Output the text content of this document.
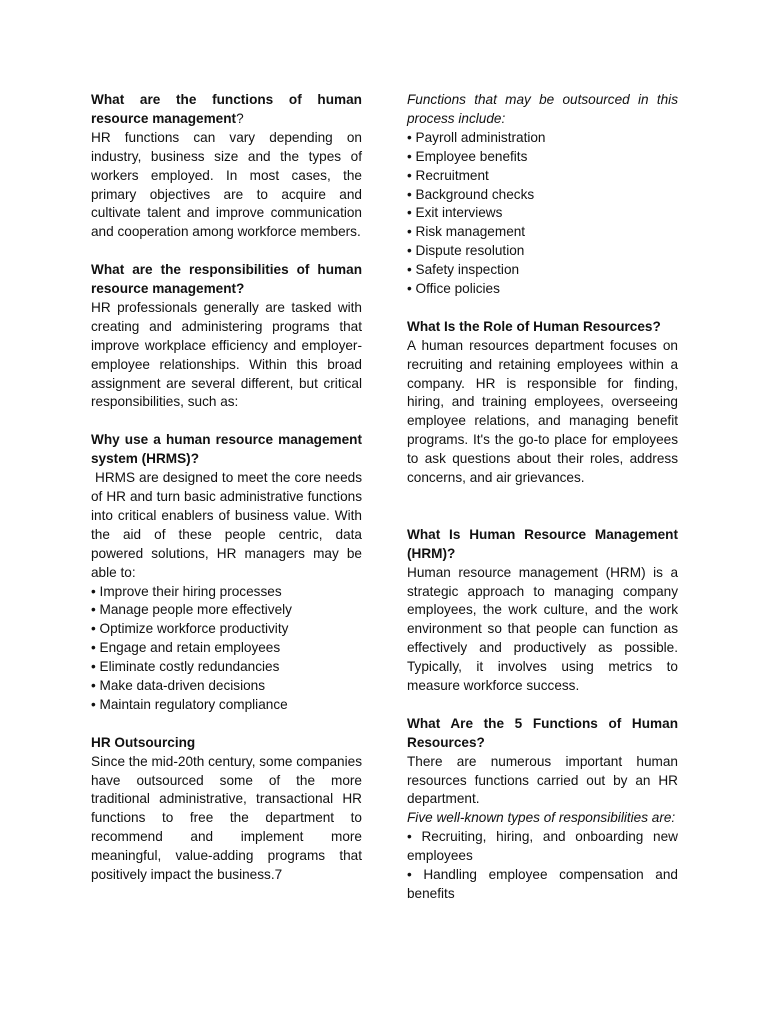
What are the functions of human resource management?

HR functions can vary depending on industry, business size and the types of workers employed. In most cases, the primary objectives are to acquire and cultivate talent and improve communication and cooperation among workforce members.

What are the responsibilities of human resource management?

HR professionals generally are tasked with creating and administering programs that improve workplace efficiency and employer-employee relationships. Within this broad assignment are several different, but critical responsibilities, such as:

Why use a human resource management system (HRMS)?

HRMS are designed to meet the core needs of HR and turn basic administrative functions into critical enablers of business value. With the aid of these people centric, data powered solutions, HR managers may be able to:

• Improve their hiring processes
• Manage people more effectively
• Optimize workforce productivity
• Engage and retain employees
• Eliminate costly redundancies
• Make data-driven decisions
• Maintain regulatory compliance

HR Outsourcing

Since the mid-20th century, some companies have outsourced some of the more traditional administrative, transactional HR functions to free the department to recommend and implement more meaningful, value-adding programs that positively impact the business.7

Functions that may be outsourced in this process include:

• Payroll administration
• Employee benefits
• Recruitment
• Background checks
• Exit interviews
• Risk management
• Dispute resolution
• Safety inspection
• Office policies

What Is the Role of Human Resources?

A human resources department focuses on recruiting and retaining employees within a company. HR is responsible for finding, hiring, and training employees, overseeing employee relations, and managing benefit programs. It's the go-to place for employees to ask questions about their roles, address concerns, and air grievances.

What Is Human Resource Management (HRM)?

Human resource management (HRM) is a strategic approach to managing company employees, the work culture, and the work environment so that people can function as effectively and productively as possible. Typically, it involves using metrics to measure workforce success.

What Are the 5 Functions of Human Resources?

There are numerous important human resources functions carried out by an HR department.

Five well-known types of responsibilities are:

• Recruiting, hiring, and onboarding new employees
• Handling employee compensation and benefits
